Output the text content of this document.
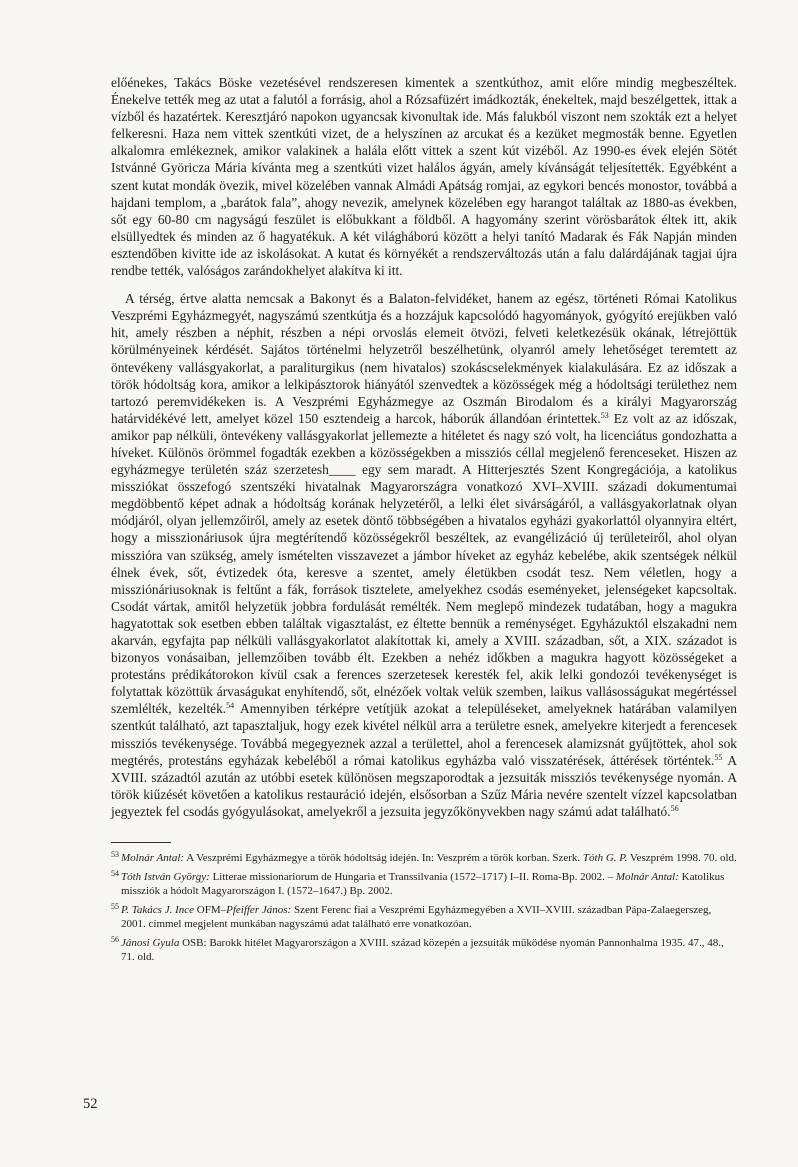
előénekes, Takács Böske vezetésével rendszeresen kimentek a szentkúthoz, amit előre mindig megbeszéltek. Énekelve tették meg az utat a falutól a forrásig, ahol a Rózsafüzért imádkozták, énekeltek, majd beszélgettek, ittak a vízből és hazatértek. Keresztjáró napokon ugyancsak kivonultak ide. Más falukból viszont nem szokták ezt a helyet felkeresni. Haza nem vittek szentkúti vizet, de a helyszínen az arcukat és a kezüket megmosták benne. Egyetlen alkalomra emlékeznek, amikor valakinek a halála előtt vittek a szent kút vizéből. Az 1990-es évek elején Sötét Istvánné Györicza Mária kívánta meg a szentkúti vizet halálos ágyán, amely kívánságát teljesítették. Egyébként a szent kutat mondák övezik, mivel közelében vannak Almádi Apátság romjai, az egykori bencés monostor, továbbá a hajdani templom, a „barátok fala”, ahogy nevezik, amelynek közelében egy harangot találtak az 1880-as években, sőt egy 60-80 cm nagyságú feszület is előbukkant a földből. A hagyomány szerint vörösbarátok éltek itt, akik elsüllyedtek és minden az ő hagyatékuk. A két világháború között a helyi tanító Madarak és Fák Napján minden esztendőben kivitte ide az iskolásokat. A kutat és környékét a rendszerváltozás után a falu dalárdájának tagjai újra rendbe tették, valóságos zarándokhelyet alakítva ki itt.

A térség, értve alatta nemcsak a Bakonyt és a Balaton-felvidéket, hanem az egész, történeti Római Katolikus Veszprémi Egyházmegyét, nagyszámú szentkútja és a hozzájuk kapcsolódó hagyományok, gyógyító erejükben való hit, amely részben a néphit, részben a népi orvoslás elemeit ötvözi, felveti keletkezésük okának, létrejöttük körülményeinek kérdését. Sajátos történelmi helyzetről beszélhetünk, olyanról amely lehetőséget teremtett az öntevékeny vallásgyakorlat, a paraliturgikus (nem hivatalos) szokáscselekmények kialakulására. Ez az időszak a török hódoltság kora, amikor a lelkipásztorok hiányától szenvedtek a közösségek még a hódoltsági területhez nem tartozó peremvidékeken is. A Veszprémi Egyházmegye az Oszmán Birodalom és a királyi Magyarország határvidékévé lett, amelyet közel 150 esztendeig a harcok, háborúk állandóan érintettek.$^{53}$ Ez volt az az időszak, amikor pap nélküli, öntevékeny vallásgyakorlat jellemezte a hitéletet és nagy szó volt, ha licenciátus gondozhatta a híveket. Különös örömmel fogadták ezekben a közösségekben a missziós céllal megjelenő ferenceseket. Hiszen az egyházmegye területén száz szerzetesh____ egy sem maradt. A Hitterjesztés Szent Kongregációja, a katolikus missziókat összefogó szentszéki hivatalnak Magyarországra vonatkozó XVI–XVIII. századi dokumentumai megdöbbentő képet adnak a hódoltság korának helyzetéről, a lelki élet sivárságáról, a vallásgyakorlatnak olyan módjáról, olyan jellemzőiről, amely az esetek döntő többségében a hivatalos egyházi gyakorlattól olyannyira eltért, hogy a misszionáriusok újra megtérítendő közösségekről beszéltek, az evangélizáció új területeiről, ahol olyan misszióra van szükség, amely ismételten visszavezet a jámbor híveket az egyház kebelébe, akik szentségek nélkül élnek évek, sőt, évtizedek óta, keresve a szentet, amely életükben csodát tesz. Nem véletlen, hogy a missziónáriusoknak is feltűnt a fák, források tisztelete, amelyekhez csodás eseményeket, jelenségeket kapcsoltak. Csodát vártak, amitől helyzetük jobbra fordulását remélték. Nem meglepő mindezek tudatában, hogy a magukra hagyatottak sok esetben ebben találtak vigasztalást, ez éltette bennük a reménységet. Egyházuktól elszakadni nem akarván, egyfajta pap nélküli vallásgyakorlatot alakítottak ki, amely a XVIII. században, sőt, a XIX. századot is bizonyos vonásaiban, jellemzőiben tovább élt. Ezekben a nehéz időkben a magukra hagyott közösségeket a protestáns prédikátorokon kívül csak a ferences szerzetesek keresték fel, akik lelki gondozói tevékenységet is folytattak közöttük árvaságukat enyhítendő, sőt, elnézőek voltak velük szemben, laikus vallásosságukat megértéssel szemlélték, kezelték.$^{54}$ Amennyiben térképre vetítjük azokat a településeket, amelyeknek határában valamilyen szentkút található, azt tapasztaljuk, hogy ezek kivétel nélkül arra a területre esnek, amelyekre kiterjedt a ferencesek missziós tevékenysége. Továbbá megegyeznek azzal a területtel, ahol a ferencesek alamizsnát gyűjtöttek, ahol sok megtérés, protestáns egyházak kebeléből a római katolikus egyházba való visszatérések, áttérések történtek.$^{55}$ A XVIII. századtól azután az utóbbi esetek különösen megszaporodtak a jezsuiták missziós tevékenysége nyomán. A török kiűzését követően a katolikus restauráció idején, elsősorban a Szűz Mária nevére szentelt vízzel kapcsolatban jegyeztek fel csodás gyógyulásokat, amelyekről a jezsuita jegyzőkönyvekben nagy számú adat található.$^{56}$

53 Molnár Antal: A Veszprémi Egyházmegye a török hódoltság idején. In: Veszprém a török korban. Szerk. Tóth G. P. Veszprém 1998. 70. old.
54 Tóth István György: Litterae missionariorum de Hungaria et Transsilvania (1572–1717) I–II. Roma-Bp. 2002. – Molnár Antal: Katolikus missziók a hódolt Magyarországon I. (1572–1647.) Bp. 2002.
55 P. Takács J. Ince OFM–Pfeiffer János: Szent Ferenc fiai a Veszprémi Egyházmegyében a XVII–XVIII. században Pápa-Zalaegerszeg, 2001. címmel megjelent munkában nagyszámú adat található erre vonatkozóan.
56 Jánosi Gyula OSB: Barokk hitélet Magyarországon a XVIII. század közepén a jezsuiták működése nyomán Pannonhalma 1935. 47., 48., 71. old.
52
